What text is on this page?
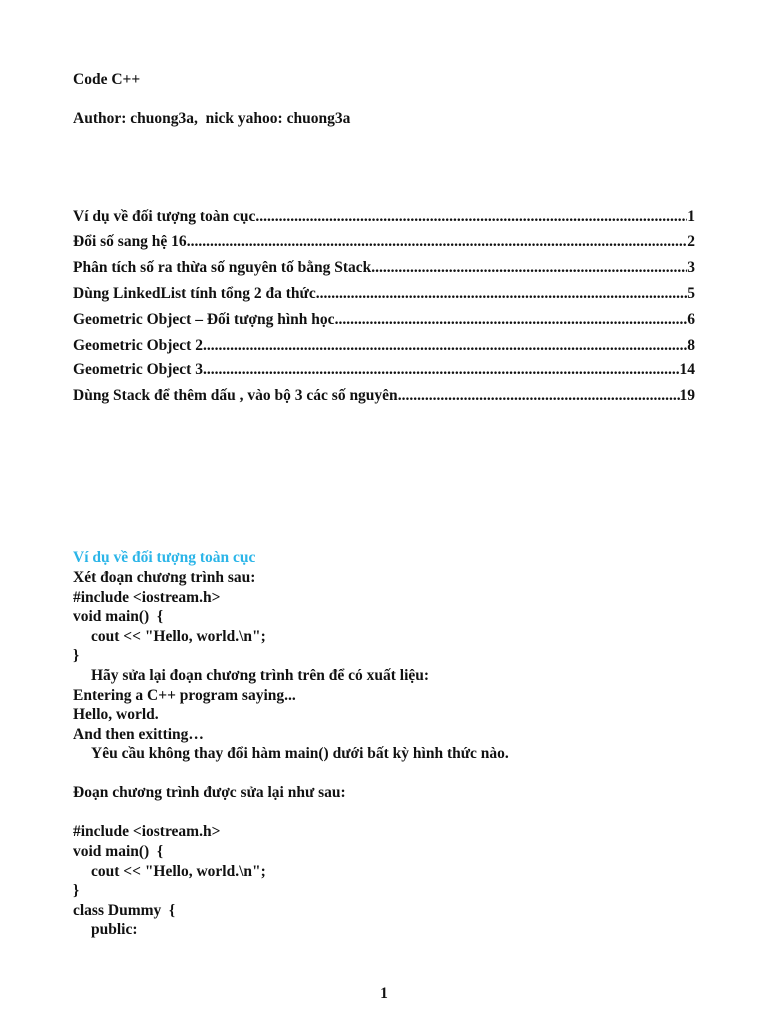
Code C++
Author: chuong3a,  nick yahoo: chuong3a
Ví dụ về đối tượng toàn cục .....	1
Đổi số sang hệ 16 .....	2
Phân tích số ra thừa số nguyên tố bằng Stack .....	3
Dùng LinkedList tính tổng 2 đa thức .....	5
Geometric Object – Đối tượng hình học .....	6
Geometric Object 2 .....	8
Geometric Object 3 .....	14
Dùng Stack để thêm dấu , vào bộ 3 các số nguyên .....	19
Ví dụ về đối tượng toàn cục
Xét đoạn chương trình sau:
#include <iostream.h>
void main()  {
cout << "Hello, world.\n";
}
Hãy sửa lại đoạn chương trình trên để có xuất liệu:
Entering a C++ program saying...
Hello, world.
And then exitting…
Yêu cầu không thay đổi hàm main() dưới bất kỳ hình thức nào.
Đoạn chương trình được sửa lại như sau:
#include <iostream.h>
void main()  {
cout << "Hello, world.\n";
}
class Dummy  {
public:
1
